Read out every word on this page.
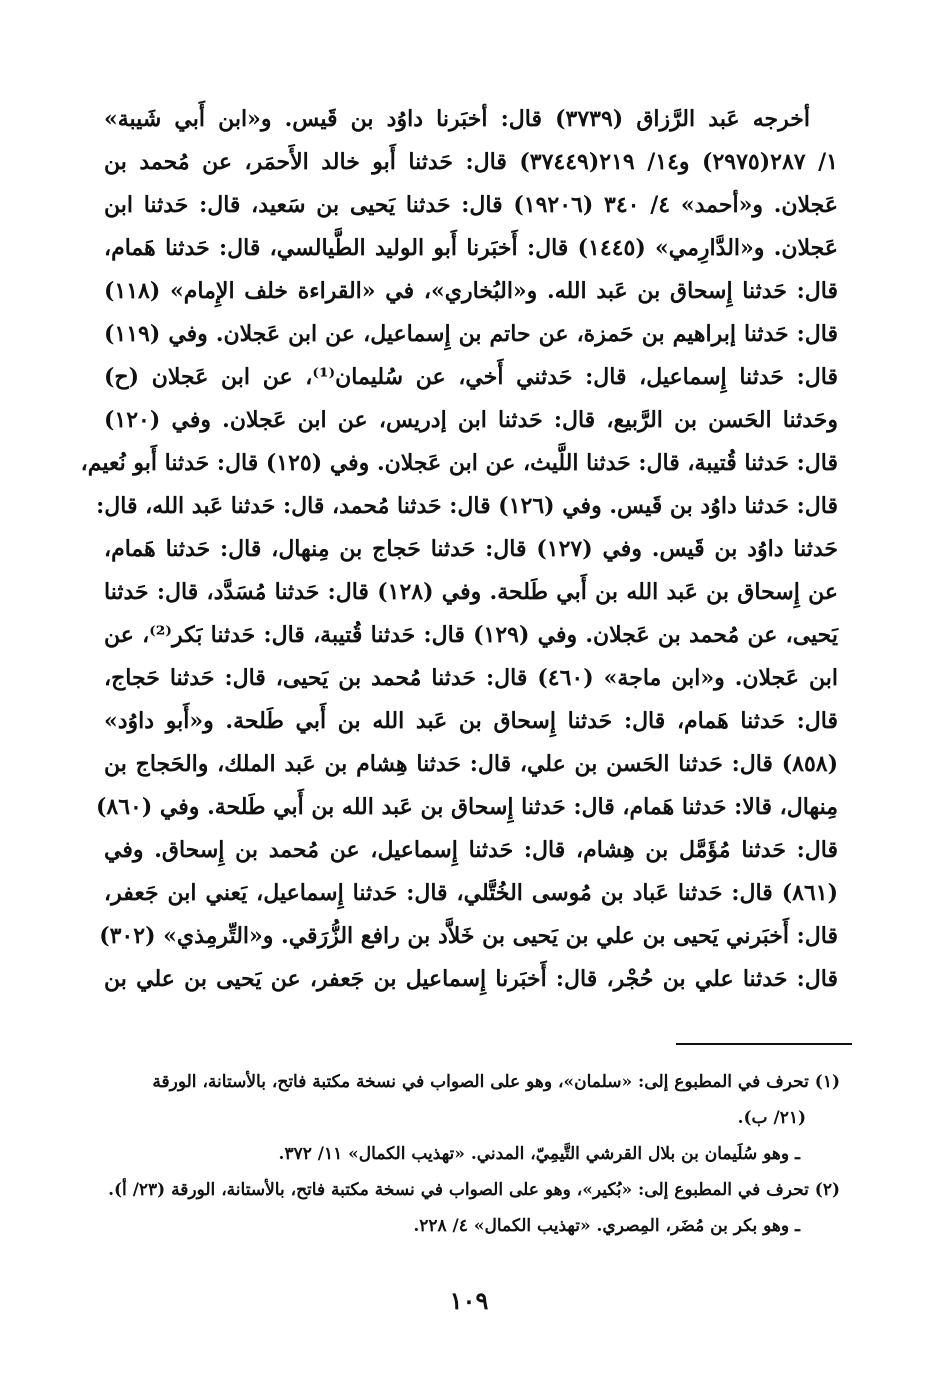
أخرجه عَبد الرَّزاق (٣٧٣٩) قال: أخبَرنا داوُد بن قَيس. و«ابن أَبي شَيبة»
١/ ٢٨٧(٢٩٧٥) و١٤/ ٢١٩(٣٧٤٤٩) قال: حَدثنا أَبو خالد الأَحمَر، عن مُحمد بن
عَجلان. و«أحمد» ٤/ ٣٤٠ (١٩٢٠٦) قال: حَدثنا يَحيى بن سَعيد، قال: حَدثنا ابن
عَجلان. و«الدَّارِمي» (١٤٤٥) قال: أَخبَرنا أَبو الوليد الطَّيالسي، قال: حَدثنا هَمام،
قال: حَدثنا إِسحاق بن عَبد الله. و«البُخاري»، في «القراءة خلف الإِمام» (١١٨)
قال: حَدثنا إبراهيم بن حَمزة، عن حاتم بن إِسماعيل، عن ابن عَجلان. وفي (١١٩)
قال: حَدثنا إِسماعيل، قال: حَدثني أَخي، عن سُليمان⁽¹⁾، عن ابن عَجلان (ح)
وحَدثنا الحَسن بن الرَّبيع، قال: حَدثنا ابن إدريس، عن ابن عَجلان. وفي (١٢٠)
قال: حَدثنا قُتيبة، قال: حَدثنا اللَّيث، عن ابن عَجلان. وفي (١٢٥) قال: حَدثنا أَبو نُعيم،
قال: حَدثنا داوُد بن قَيس. وفي (١٢٦) قال: حَدثنا مُحمد، قال: حَدثنا عَبد الله، قال:
حَدثنا داوُد بن قَيس. وفي (١٢٧) قال: حَدثنا حَجاج بن مِنهال، قال: حَدثنا هَمام،
عن إِسحاق بن عَبد الله بن أَبي طَلحة. وفي (١٢٨) قال: حَدثنا مُسَدَّد، قال: حَدثنا
يَحيى، عن مُحمد بن عَجلان. وفي (١٢٩) قال: حَدثنا قُتيبة، قال: حَدثنا بَكر⁽²⁾، عن
ابن عَجلان. و«ابن ماجة» (٤٦٠) قال: حَدثنا مُحمد بن يَحيى، قال: حَدثنا حَجاج،
قال: حَدثنا هَمام، قال: حَدثنا إِسحاق بن عَبد الله بن أَبي طَلحة. و«أَبو داوُد»
(٨٥٨) قال: حَدثنا الحَسن بن علي، قال: حَدثنا هِشام بن عَبد الملك، والحَجاج بن
مِنهال، قالا: حَدثنا هَمام، قال: حَدثنا إِسحاق بن عَبد الله بن أَبي طَلحة. وفي (٨٦٠)
قال: حَدثنا مُؤَمَّل بن هِشام، قال: حَدثنا إِسماعيل، عن مُحمد بن إِسحاق. وفي
(٨٦١) قال: حَدثنا عَباد بن مُوسى الخُتَّلي، قال: حَدثنا إِسماعيل، يَعني ابن جَعفر،
قال: أَخبَرني يَحيى بن علي بن يَحيى بن خَلاَّد بن رافع الزُّرَقي. و«التِّرمِذي» (٣٠٢)
قال: حَدثنا علي بن حُجْر، قال: أَخبَرنا إِسماعيل بن جَعفر، عن يَحيى بن علي بن
(١) تحرف في المطبوع إلى: «سلمان»، وهو على الصواب في نسخة مكتبة فاتح، بالأستانة، الورقة
(٢١/ ب).
ـ وهو سُلَيمان بن بلال القرشي التَّيمِيّ، المدني. «تهذيب الكمال» ١١/ ٣٧٢.
(٢) تحرف في المطبوع إلى: «بُكير»، وهو على الصواب في نسخة مكتبة فاتح، بالأستانة، الورقة (٢٣/ أ).
ـ وهو بكر بن مُضَر، المِصري. «تهذيب الكمال» ٤/ ٢٢٨.
١٠٩
